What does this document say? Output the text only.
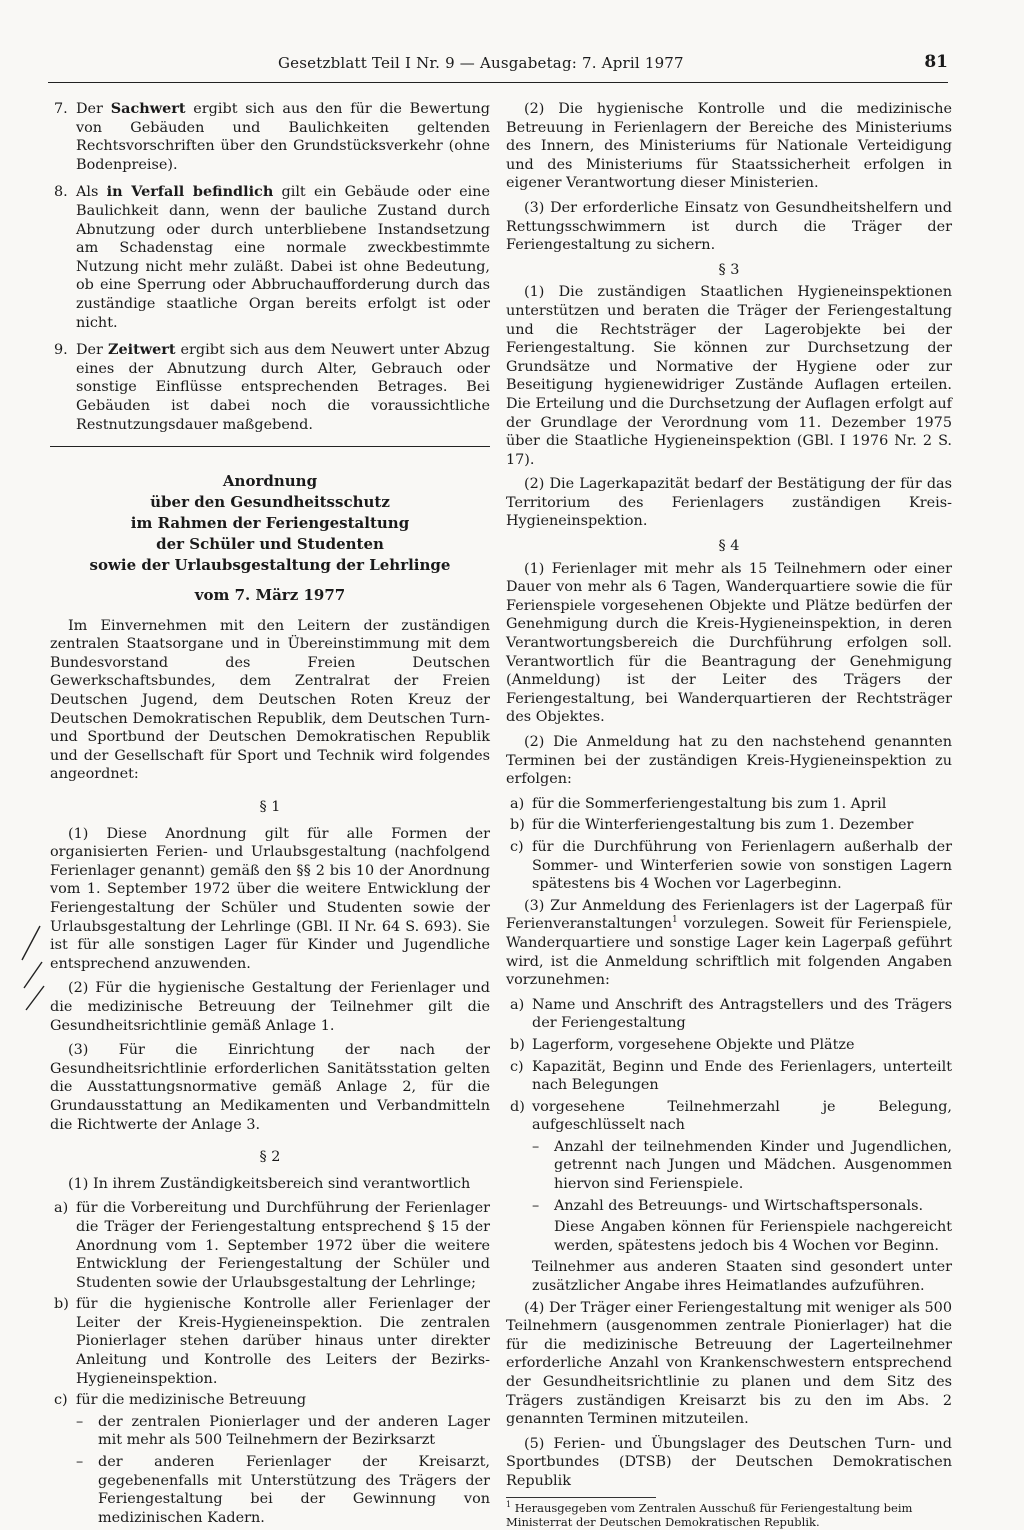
Gesetzblatt Teil I Nr. 9 — Ausgabetag: 7. April 1977	81
7. Der Sachwert ergibt sich aus den für die Bewertung von Gebäuden und Baulichkeiten geltenden Rechtsvorschriften über den Grundstücksverkehr (ohne Bodenpreise).
8. Als in Verfall befindlich gilt ein Gebäude oder eine Baulichkeit dann, wenn der bauliche Zustand durch Abnutzung oder durch unterbliebene Instandsetzung am Schadenstag eine normale zweckbestimmte Nutzung nicht mehr zuläßt. Dabei ist ohne Bedeutung, ob eine Sperrung oder Abbruchaufforderung durch das zuständige staatliche Organ bereits erfolgt ist oder nicht.
9. Der Zeitwert ergibt sich aus dem Neuwert unter Abzug eines der Abnutzung durch Alter, Gebrauch oder sonstige Einflüsse entsprechenden Betrages. Bei Gebäuden ist dabei noch die voraussichtliche Restnutzungsdauer maßgebend.
Anordnung
über den Gesundheitsschutz
im Rahmen der Feriengestaltung
der Schüler und Studenten
sowie der Urlaubsgestaltung der Lehrlinge
vom 7. März 1977

Im Einvernehmen mit den Leitern der zuständigen zentralen Staatsorgane und in Übereinstimmung mit dem Bundesvorstand des Freien Deutschen Gewerkschaftsbundes, dem Zentralrat der Freien Deutschen Jugend, dem Deutschen Roten Kreuz der Deutschen Demokratischen Republik, dem Deutschen Turn- und Sportbund der Deutschen Demokratischen Republik und der Gesellschaft für Sport und Technik wird folgendes angeordnet:

§ 1

(1) Diese Anordnung gilt für alle Formen der organisierten Ferien- und Urlaubsgestaltung (nachfolgend Ferienlager genannt) gemäß den §§ 2 bis 10 der Anordnung vom 1. September 1972 über die weitere Entwicklung der Feriengestaltung der Schüler und Studenten sowie der Urlaubsgestaltung der Lehrlinge (GBl. II Nr. 64 S. 693). Sie ist für alle sonstigen Lager für Kinder und Jugendliche entsprechend anzuwenden.

(2) Für die hygienische Gestaltung der Ferienlager und die medizinische Betreuung der Teilnehmer gilt die Gesundheitsrichtlinie gemäß Anlage 1.

(3) Für die Einrichtung der nach der Gesundheitsrichtlinie erforderlichen Sanitätsstation gelten die Ausstattungsnormative gemäß Anlage 2, für die Grundausstattung an Medikamenten und Verbandmitteln die Richtwerte der Anlage 3.

§ 2

(1) In ihrem Zuständigkeitsbereich sind verantwortlich

a) für die Vorbereitung und Durchführung der Ferienlager die Träger der Feriengestaltung entsprechend § 15 der Anordnung vom 1. September 1972 über die weitere Entwicklung der Feriengestaltung der Schüler und Studenten sowie der Urlaubsgestaltung der Lehrlinge;
b) für die hygienische Kontrolle aller Ferienlager der Leiter der Kreis-Hygieneinspektion. Die zentralen Pionierlager stehen darüber hinaus unter direkter Anleitung und Kontrolle des Leiters der Bezirks-Hygieneinspektion.
c) für die medizinische Betreuung
– der zentralen Pionierlager und der anderen Lager mit mehr als 500 Teilnehmern der Bezirksarzt
– der anderen Ferienlager der Kreisarzt, gegebenenfalls mit Unterstützung des Trägers der Feriengestaltung bei der Gewinnung von medizinischen Kadern.

(2) Die hygienische Kontrolle und die medizinische Betreuung in Ferienlagern der Bereiche des Ministeriums des Innern, des Ministeriums für Nationale Verteidigung und des Ministeriums für Staatssicherheit erfolgen in eigener Verantwortung dieser Ministerien.

(3) Der erforderliche Einsatz von Gesundheitshelfern und Rettungsschwimmern ist durch die Träger der Feriengestaltung zu sichern.

§ 3

(1) Die zuständigen Staatlichen Hygieneinspektionen unterstützen und beraten die Träger der Feriengestaltung und die Rechtsträger der Lagerobjekte bei der Feriengestaltung. Sie können zur Durchsetzung der Grundsätze und Normative der Hygiene oder zur Beseitigung hygienewidriger Zustände Auflagen erteilen. Die Erteilung und die Durchsetzung der Auflagen erfolgt auf der Grundlage der Verordnung vom 11. Dezember 1975 über die Staatliche Hygieneinspektion (GBl. I 1976 Nr. 2 S. 17).

(2) Die Lagerkapazität bedarf der Bestätigung der für das Territorium des Ferienlagers zuständigen Kreis-Hygieneinspektion.

§ 4

(1) Ferienlager mit mehr als 15 Teilnehmern oder einer Dauer von mehr als 6 Tagen, Wanderquartiere sowie die für Ferienspiele vorgesehenen Objekte und Plätze bedürfen der Genehmigung durch die Kreis-Hygieneinspektion, in deren Verantwortungsbereich die Durchführung erfolgen soll. Verantwortlich für die Beantragung der Genehmigung (Anmeldung) ist der Leiter des Trägers der Feriengestaltung, bei Wanderquartieren der Rechtsträger des Objektes.

(2) Die Anmeldung hat zu den nachstehend genannten Terminen bei der zuständigen Kreis-Hygieneinspektion zu erfolgen:

a) für die Sommerferiengestaltung bis zum 1. April
b) für die Winterferiengestaltung bis zum 1. Dezember
c) für die Durchführung von Ferienlagern außerhalb der Sommer- und Winterferien sowie von sonstigen Lagern spätestens bis 4 Wochen vor Lagerbeginn.

(3) Zur Anmeldung des Ferienlagers ist der Lagerpaß für Ferienveranstaltungen$^1$ vorzulegen. Soweit für Ferienspiele, Wanderquartiere und sonstige Lager kein Lagerpaß geführt wird, ist die Anmeldung schriftlich mit folgenden Angaben vorzunehmen:

a) Name und Anschrift des Antragstellers und des Trägers der Feriengestaltung
b) Lagerform, vorgesehene Objekte und Plätze
c) Kapazität, Beginn und Ende des Ferienlagers, unterteilt nach Belegungen
d) vorgesehene Teilnehmerzahl je Belegung, aufgeschlüsselt nach
– Anzahl der teilnehmenden Kinder und Jugendlichen, getrennt nach Jungen und Mädchen. Ausgenommen hiervon sind Ferienspiele.
– Anzahl des Betreuungs- und Wirtschaftspersonals.

Diese Angaben können für Ferienspiele nachgereicht werden, spätestens jedoch bis 4 Wochen vor Beginn.

Teilnehmer aus anderen Staaten sind gesondert unter zusätzlicher Angabe ihres Heimatlandes aufzuführen.

(4) Der Träger einer Feriengestaltung mit weniger als 500 Teilnehmern (ausgenommen zentrale Pionierlager) hat die für die medizinische Betreuung der Lagerteilnehmer erforderliche Anzahl von Krankenschwestern entsprechend der Gesundheitsrichtlinie zu planen und dem Sitz des Trägers zuständigen Kreisarzt bis zu den im Abs. 2 genannten Terminen mitzuteilen.

(5) Ferien- und Übungslager des Deutschen Turn- und Sportbundes (DTSB) der Deutschen Demokratischen Republik

$^1$ Herausgegeben vom Zentralen Ausschuß für Feriengestaltung beim Ministerrat der Deutschen Demokratischen Republik.
